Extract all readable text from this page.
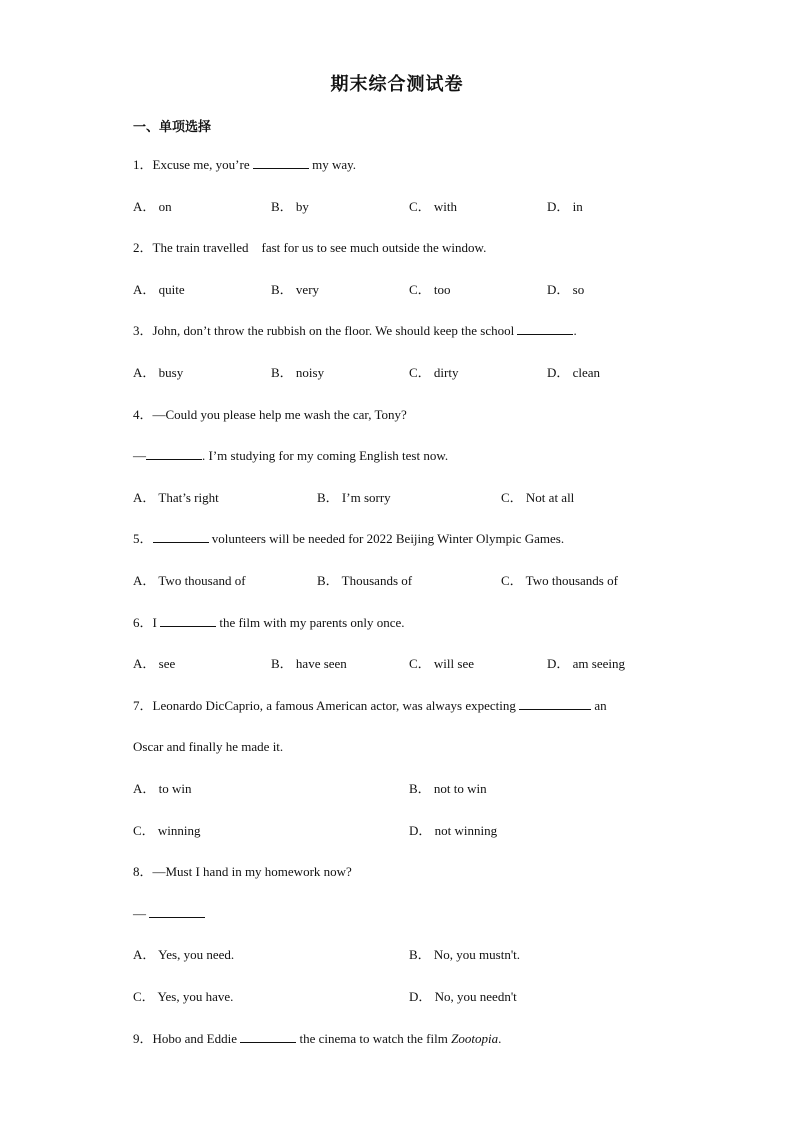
期末综合测试卷
一、单项选择
1．Excuse me, you’re	my way.
A． on	B． by	C． with	D． in
2．The train travelled    fast for us to see much outside the window.
A． quite	B． very	C． too	D． so
3．John, don’t throw the rubbish on the floor. We should keep the school	.
A． busy	B． noisy	C． dirty	D． clean
4．—Could you please help me wash the car, Tony?
—	. I’m studying for my coming English test now.
A． That’s right	B． I’m sorry	C． Not at all
5．	volunteers will be needed for 2022 Beijing Winter Olympic Games.
A． Two thousand of	B． Thousands of	C． Two thousands of
6．I	the film with my parents only once.
A． see	B． have seen	C． will see	D． am seeing
7．Leonardo DicCaprio, a famous American actor, was always expecting	an
Oscar and finally he made it.
A． to win	B． not to win
C． winning	D． not winning
8．—Must I hand in my homework now?
—
A． Yes, you need.	B． No, you mustn't.
C． Yes, you have.	D． No, you needn't
9．Hobo and Eddie	the cinema to watch the film Zootopia.
